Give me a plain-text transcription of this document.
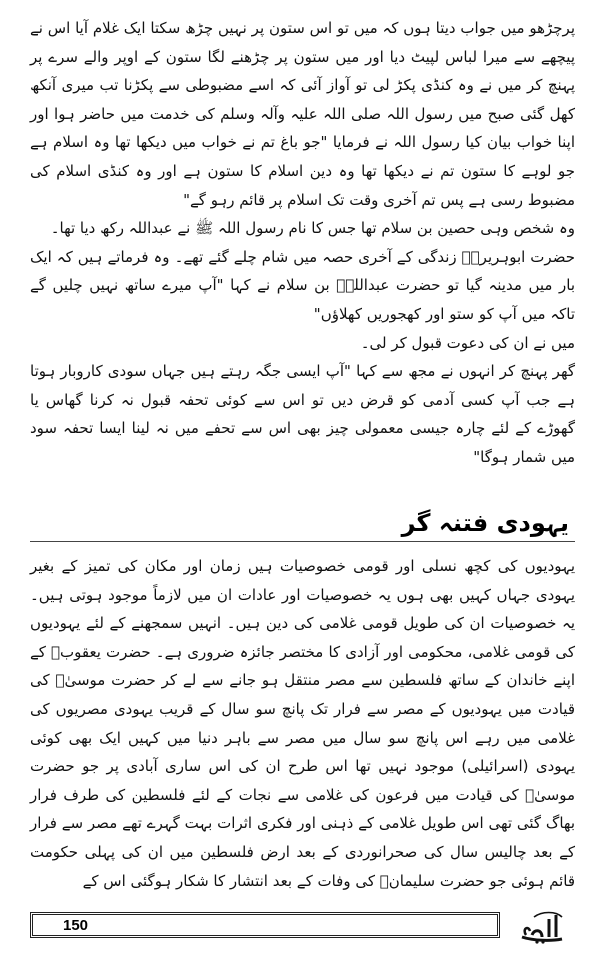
پرچڑھو میں جواب دیتا ہوں کہ میں تو اس ستون پر نہیں چڑھ سکتا ایک غلام آیا اس نے پیچھے سے میرا لباس لپیٹ دیا اور میں ستون پر چڑھنے لگا ستون کے اوپر والے سرے پر پہنچ کر میں نے وہ کنڈی پکڑ لی تو آواز آئی کہ اسے مضبوطی سے پکڑنا تب میری آنکھ کھل گئی صبح میں رسول اللہ صلی اللہ علیہ وآلہ وسلم کی خدمت میں حاضر ہوا اور اپنا خواب بیان کیا رسول اللہ نے فرمایا "جو باغ تم نے خواب میں دیکھا تھا وہ اسلام ہے جو لوہے کا ستون تم نے دیکھا تھا وہ دین اسلام کا ستون ہے اور وہ کنڈی اسلام کی مضبوط رسی ہے پس تم آخری وقت تک اسلام پر قائم رہو گے"

وہ شخص وہی حصین بن سلام تھا جس کا نام رسول اللہ ﷺ نے عبداللہ رکھ دیا تھا۔

حضرت ابوہریرہؓ زندگی کے آخری حصہ میں شام چلے گئے تھے۔ وہ فرماتے ہیں کہ ایک بار میں مدینہ گیا تو حضرت عبداللہؓ بن سلام نے کہا "آپ میرے ساتھ نہیں چلیں گے تاکہ میں آپ کو ستو اور کھجوریں کھلاؤں"

میں نے ان کی دعوت قبول کر لی۔

گھر پہنچ کر انہوں نے مجھ سے کہا "آپ ایسی جگہ رہتے ہیں جہاں سودی کاروبار ہوتا ہے جب آپ کسی آدمی کو قرض دیں تو اس سے کوئی تحفہ قبول نہ کرنا گھاس یا گھوڑے کے لئے چارہ جیسی معمولی چیز بھی اس سے تحفے میں نہ لینا ایسا تحفہ سود میں شمار ہوگا"

یہودی فتنہ گر

یہودیوں کی کچھ نسلی اور قومی خصوصیات ہیں زمان اور مکان کی تمیز کے بغیر یہودی جہاں کہیں بھی ہوں یہ خصوصیات اور عادات ان میں لازماً موجود ہوتی ہیں۔ یہ خصوصیات ان کی طویل قومی غلامی کی دین ہیں۔ انہیں سمجھنے کے لئے یہودیوں کی قومی غلامی، محکومی اور آزادی کا مختصر جائزہ ضروری ہے۔ حضرت یعقوبؑ کے اپنے خاندان کے ساتھ فلسطین سے مصر منتقل ہو جانے سے لے کر حضرت موسیٰؑ کی قیادت میں یہودیوں کے مصر سے فرار تک پانچ سو سال کے قریب یہودی مصریوں کی غلامی میں رہے اس پانچ سو سال میں مصر سے باہر دنیا میں کہیں ایک بھی کوئی یہودی (اسرائیلی) موجود نہیں تھا اس طرح ان کی اس ساری آبادی پر جو حضرت موسیٰؑ کی قیادت میں فرعون کی غلامی سے نجات کے لئے فلسطین کی طرف فرار بھاگ گئی تھی اس طویل غلامی کے ذہنی اور فکری اثرات بہت گہرے تھے مصر سے فرار کے بعد چالیس سال کی صحرانوردی کے بعد ارض فلسطین میں ان کی پہلی حکومت قائم ہوئی جو حضرت سلیمانؑ کی وفات کے بعد انتشار کا شکار ہوگئی اس کے

150
